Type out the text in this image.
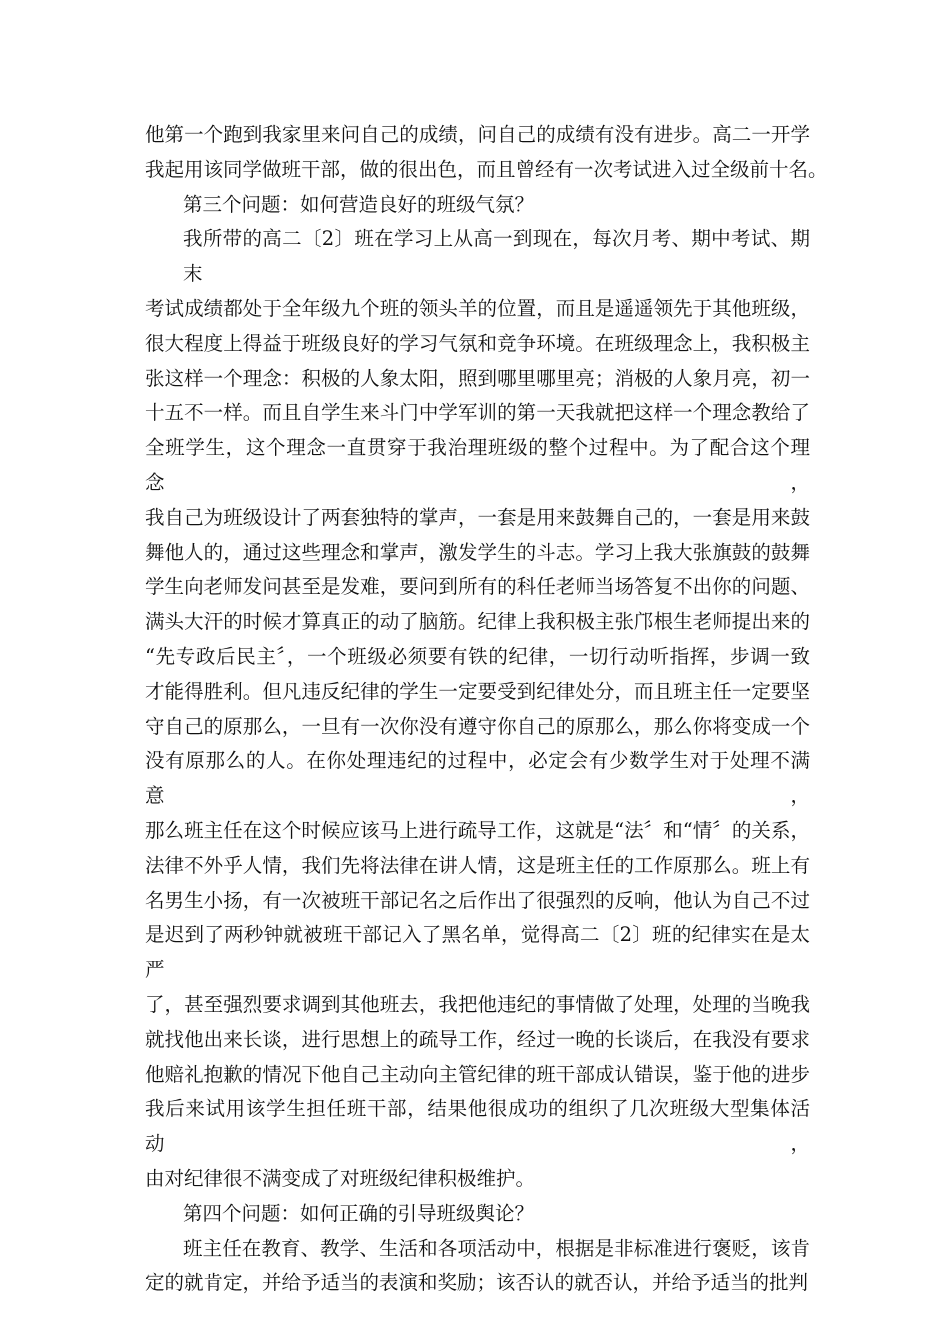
他第一个跑到我家里来问自己的成绩，问自己的成绩有没有进步。高二一开学
我起用该同学做班干部，做的很出色，而且曾经有一次考试进入过全级前十名。
第三个问题：如何营造良好的班级气氛？
我所带的高二〔2〕班在学习上从高一到现在，每次月考、期中考试、期末
考试成绩都处于全年级九个班的领头羊的位置，而且是遥遥领先于其他班级，
很大程度上得益于班级良好的学习气氛和竞争环境。在班级理念上，我积极主
张这样一个理念：积极的人象太阳，照到哪里哪里亮；消极的人象月亮，初一
十五不一样。而且自学生来斗门中学军训的第一天我就把这样一个理念教给了
全班学生，这个理念一直贯穿于我治理班级的整个过程中。为了配合这个理念，
我自己为班级设计了两套独特的掌声，一套是用来鼓舞自己的，一套是用来鼓
舞他人的，通过这些理念和掌声，激发学生的斗志。学习上我大张旗鼓的鼓舞
学生向老师发问甚至是发难，要问到所有的科任老师当场答复不出你的问题、
满头大汗的时候才算真正的动了脑筋。纪律上我积极主张邝根生老师提出来的
“先专政后民主〞，一个班级必须要有铁的纪律，一切行动听指挥，步调一致
才能得胜利。但凡违反纪律的学生一定要受到纪律处分，而且班主任一定要坚
守自己的原那么，一旦有一次你没有遵守你自己的原那么，那么你将变成一个
没有原那么的人。在你处理违纪的过程中，必定会有少数学生对于处理不满意，
那么班主任在这个时候应该马上进行疏导工作，这就是“法〞和“情〞的关系，
法律不外乎人情，我们先将法律在讲人情，这是班主任的工作原那么。班上有
名男生小扬，有一次被班干部记名之后作出了很强烈的反响，他认为自己不过
是迟到了两秒钟就被班干部记入了黑名单，觉得高二〔2〕班的纪律实在是太严
了，甚至强烈要求调到其他班去，我把他违纪的事情做了处理，处理的当晚我
就找他出来长谈，进行思想上的疏导工作，经过一晚的长谈后，在我没有要求
他赔礼抱歉的情况下他自己主动向主管纪律的班干部成认错误，鉴于他的进步
我后来试用该学生担任班干部，结果他很成功的组织了几次班级大型集体活动，
由对纪律很不满变成了对班级纪律积极维护。
第四个问题：如何正确的引导班级舆论？
班主任在教育、教学、生活和各项活动中，根据是非标准进行褒贬，该肯
定的就肯定，并给予适当的表演和奖励；该否认的就否认，并给予适当的批判
